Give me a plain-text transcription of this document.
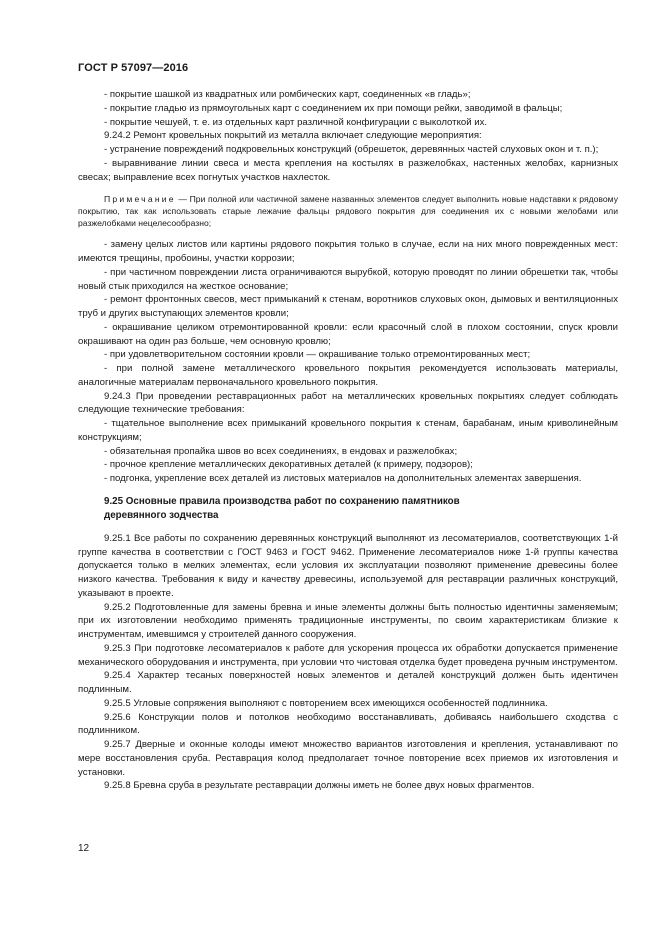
ГОСТ Р 57097—2016

- покрытие шашкой из квадратных или ромбических карт, соединенных «в гладь»;

- покрытие гладью из прямоугольных карт с соединением их при помощи рейки, заводимой в фальцы;

- покрытие чешуей, т. е. из отдельных карт различной конфигурации с выколоткой их.

9.24.2 Ремонт кровельных покрытий из металла включает следующие мероприятия:

- устранение повреждений подкровельных конструкций (обрешеток, деревянных частей слуховых окон и т. п.);

- выравнивание линии свеса и места крепления на костылях в разжелобках, настенных желобах, карнизных свесах; выправление всех погнутых участков нахлесток.

Примечание — При полной или частичной замене названных элементов следует выполнить новые надставки к рядовому покрытию, так как использовать старые лежачие фальцы рядового покрытия для соединения их с новыми желобами или разжелобками нецелесообразно;

- замену целых листов или картины рядового покрытия только в случае, если на них много поврежденных мест: имеются трещины, пробоины, участки коррозии;

- при частичном повреждении листа ограничиваются вырубкой, которую проводят по линии обрешетки так, чтобы новый стык приходился на жесткое основание;

- ремонт фронтонных свесов, мест примыканий к стенам, воротников слуховых окон, дымовых и вентиляционных труб и других выступающих элементов кровли;

- окрашивание целиком отремонтированной кровли: если красочный слой в плохом состоянии, спуск кровли окрашивают на один раз больше, чем основную кровлю;

- при удовлетворительном состоянии кровли — окрашивание только отремонтированных мест;

- при полной замене металлического кровельного покрытия рекомендуется использовать материалы, аналогичные материалам первоначального кровельного покрытия.

9.24.3 При проведении реставрационных работ на металлических кровельных покрытиях следует соблюдать следующие технические требования:

- тщательное выполнение всех примыканий кровельного покрытия к стенам, барабанам, иным криволинейным конструкциям;

- обязательная пропайка швов во всех соединениях, в ендовах и разжелобках;

- прочное крепление металлических декоративных деталей (к примеру, подзоров);

- подгонка, укрепление всех деталей из листовых материалов на дополнительных элементах завершения.

9.25 Основные правила производства работ по сохранению памятников
деревянного зодчества

9.25.1 Все работы по сохранению деревянных конструкций выполняют из лесоматериалов, соответствующих 1-й группе качества в соответствии с ГОСТ 9463 и ГОСТ 9462. Применение лесоматериалов ниже 1-й группы качества допускается только в мелких элементах, если условия их эксплуатации позволяют применение древесины более низкого качества. Требования к виду и качеству древесины, используемой для реставрации различных конструкций, указывают в проекте.

9.25.2 Подготовленные для замены бревна и иные элементы должны быть полностью идентичны заменяемым; при их изготовлении необходимо применять традиционные инструменты, по своим характеристикам близкие к инструментам, имевшимся у строителей данного сооружения.

9.25.3 При подготовке лесоматериалов к работе для ускорения процесса их обработки допускается применение механического оборудования и инструмента, при условии что чистовая отделка будет проведена ручным инструментом.

9.25.4 Характер тесаных поверхностей новых элементов и деталей конструкций должен быть идентичен подлинным.

9.25.5 Угловые сопряжения выполняют с повторением всех имеющихся особенностей подлинника.

9.25.6 Конструкции полов и потолков необходимо восстанавливать, добиваясь наибольшего сходства с подлинником.

9.25.7 Дверные и оконные колоды имеют множество вариантов изготовления и крепления, устанавливают по мере восстановления сруба. Реставрация колод предполагает точное повторение всех приемов их изготовления и установки.

9.25.8 Бревна сруба в результате реставрации должны иметь не более двух новых фрагментов.

12
